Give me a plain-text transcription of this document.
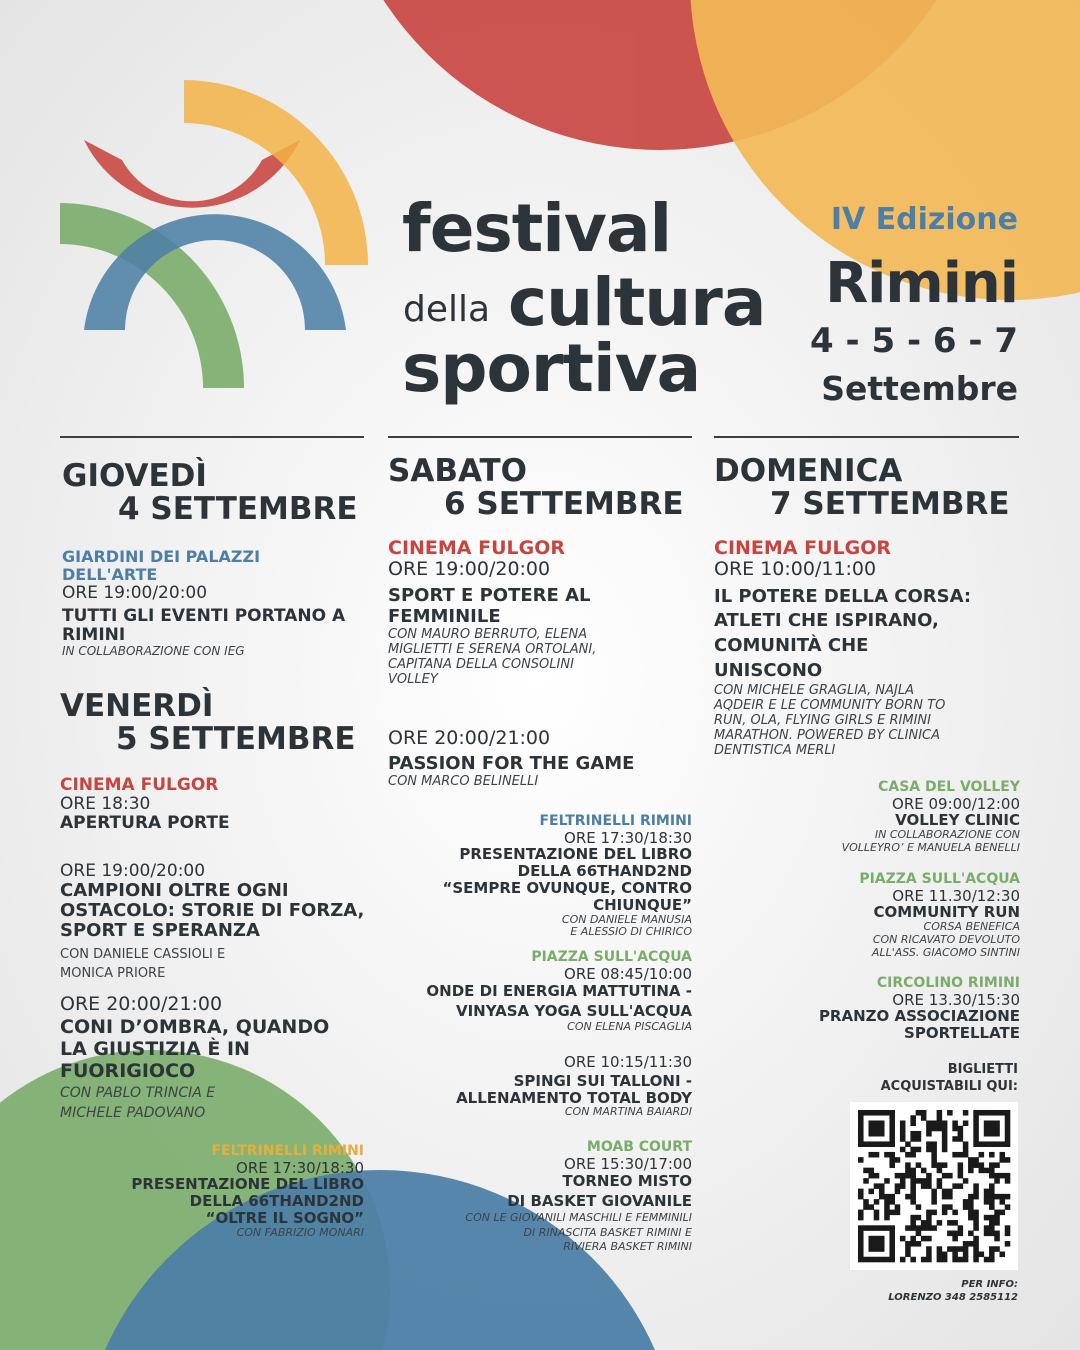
festival
della cultura
sportiva
IV Edizione
Rimini
4 - 5 - 6 - 7
Settembre
GIOVEDÌ
4 SETTEMBRE
GIARDINI DEI PALAZZI
DELL'ARTE
ORE 19:00/20:00
TUTTI GLI EVENTI PORTANO A
RIMINI
IN COLLABORAZIONE CON IEG
VENERDÌ
5 SETTEMBRE
CINEMA FULGOR
ORE 18:30
APERTURA PORTE
ORE 19:00/20:00
CAMPIONI OLTRE OGNI
OSTACOLO: STORIE DI FORZA,
SPORT E SPERANZA
CON DANIELE CASSIOLI E
MONICA PRIORE
ORE 20:00/21:00
CONI D’OMBRA, QUANDO
LA GIUSTIZIA È IN
FUORIGIOCO
CON PABLO TRINCIA E
MICHELE PADOVANO
FELTRINELLI RIMINI
ORE 17:30/18:30
PRESENTAZIONE DEL LIBRO
DELLA 66THAND2ND
“OLTRE IL SOGNO”
CON FABRIZIO MONARI
SABATO
6 SETTEMBRE
CINEMA FULGOR
ORE 19:00/20:00
SPORT E POTERE AL
FEMMINILE
CON MAURO BERRUTO, ELENA
MIGLIETTI E SERENA ORTOLANI,
CAPITANA DELLA CONSOLINI
VOLLEY
ORE 20:00/21:00
PASSION FOR THE GAME
CON MARCO BELINELLI
FELTRINELLI RIMINI
ORE 17:30/18:30
PRESENTAZIONE DEL LIBRO
DELLA 66THAND2ND
“SEMPRE OVUNQUE, CONTRO
CHIUNQUE”
CON DANIELE MANUSIA
E ALESSIO DI CHIRICO
PIAZZA SULL'ACQUA
ORE 08:45/10:00
ONDE DI ENERGIA MATTUTINA -
VINYASA YOGA SULL'ACQUA
CON ELENA PISCAGLIA
ORE 10:15/11:30
SPINGI SUI TALLONI -
ALLENAMENTO TOTAL BODY
CON MARTINA BAIARDI
MOAB COURT
ORE 15:30/17:00
TORNEO MISTO
DI BASKET GIOVANILE
CON LE GIOVANILI MASCHILI E FEMMINILI
DI RINASCITA BASKET RIMINI E
RIVIERA BASKET RIMINI
DOMENICA
7 SETTEMBRE
CINEMA FULGOR
ORE 10:00/11:00
IL POTERE DELLA CORSA:
ATLETI CHE ISPIRANO,
COMUNITÀ CHE
UNISCONO
CON MICHELE GRAGLIA, NAJLA
AQDEIR E LE COMMUNITY BORN TO
RUN, OLA, FLYING GIRLS E RIMINI
MARATHON. POWERED BY CLINICA
DENTISTICA MERLI
CASA DEL VOLLEY
ORE 09:00/12:00
VOLLEY CLINIC
IN COLLABORAZIONE CON
VOLLEYRO’ E MANUELA BENELLI
PIAZZA SULL'ACQUA
ORE 11.30/12:30
COMMUNITY RUN
CORSA BENEFICA
CON RICAVATO DEVOLUTO
ALL'ASS. GIACOMO SINTINI
CIRCOLINO RIMINI
ORE 13.30/15:30
PRANZO ASSOCIAZIONE
SPORTELLATE
BIGLIETTI
ACQUISTABILI QUI:
PER INFO:
LORENZO 348 2585112
